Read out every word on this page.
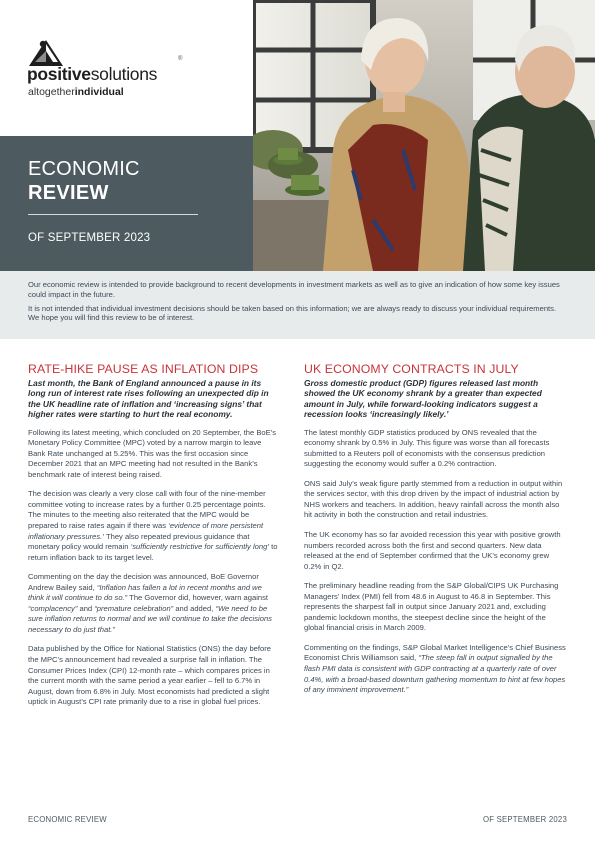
positivesolutions
®
altogetherindividual
ECONOMIC
REVIEW
OF SEPTEMBER 2023

Our economic review is intended to provide background to recent developments in investment markets as well as to give an indication of how some key issues could impact in the future.

It is not intended that individual investment decisions should be taken based on this information; we are always ready to discuss your individual requirements. We hope you will find this review to be of interest.

RATE-HIKE PAUSE AS INFLATION DIPS

Last month, the Bank of England announced a pause in its long run of interest rate rises following an unexpected dip in the UK headline rate of inflation and ‘increasing signs’ that higher rates were starting to hurt the real economy.

Following its latest meeting, which concluded on 20 September, the BoE’s Monetary Policy Committee (MPC) voted by a narrow margin to leave Bank Rate unchanged at 5.25%. This was the first occasion since December 2021 that an MPC meeting had not resulted in the Bank’s benchmark rate of interest being raised.

The decision was clearly a very close call with four of the nine-member committee voting to increase rates by a further 0.25 percentage points. The minutes to the meeting also reiterated that the MPC would be prepared to raise rates again if there was ‘evidence of more persistent inflationary pressures.’ They also repeated previous guidance that monetary policy would remain ‘sufficiently restrictive for sufficiently long’ to return inflation back to its target level.

Commenting on the day the decision was announced, BoE Governor Andrew Bailey said, “Inflation has fallen a lot in recent months and we think it will continue to do so.” The Governor did, however, warn against “complacency” and “premature celebration” and added, “We need to be sure inflation returns to normal and we will continue to take the decisions necessary to do just that.”

Data published by the Office for National Statistics (ONS) the day before the MPC’s announcement had revealed a surprise fall in inflation. The Consumer Prices Index (CPI) 12-month rate – which compares prices in the current month with the same period a year earlier – fell to 6.7% in August, down from 6.8% in July. Most economists had predicted a slight uptick in August’s CPI rate primarily due to a rise in global fuel prices.

UK ECONOMY CONTRACTS IN JULY

Gross domestic product (GDP) figures released last month showed the UK economy shrank by a greater than expected amount in July, while forward-looking indicators suggest a recession looks ‘increasingly likely.’

The latest monthly GDP statistics produced by ONS revealed that the economy shrank by 0.5% in July. This figure was worse than all forecasts submitted to a Reuters poll of economists with the consensus prediction suggesting the economy would suffer a 0.2% contraction.

ONS said July’s weak figure partly stemmed from a reduction in output within the services sector, with this drop driven by the impact of industrial action by NHS workers and teachers. In addition, heavy rainfall across the month also hit activity in both the construction and retail industries.

The UK economy has so far avoided recession this year with positive growth numbers recorded across both the first and second quarters. New data released at the end of September confirmed that the UK’s economy grew 0.2% in Q2.

The preliminary headline reading from the S&P Global/CIPS UK Purchasing Managers’ Index (PMI) fell from 48.6 in August to 46.8 in September. This represents the sharpest fall in output since January 2021 and, excluding pandemic lockdown months, the steepest decline since the height of the global financial crisis in March 2009.

Commenting on the findings, S&P Global Market Intelligence’s Chief Business Economist Chris Williamson said, “The steep fall in output signalled by the flash PMI data is consistent with GDP contracting at a quarterly rate of over 0.4%, with a broad-based downturn gathering momentum to hint at few hopes of any imminent improvement.”

ECONOMIC REVIEW	OF SEPTEMBER 2023
